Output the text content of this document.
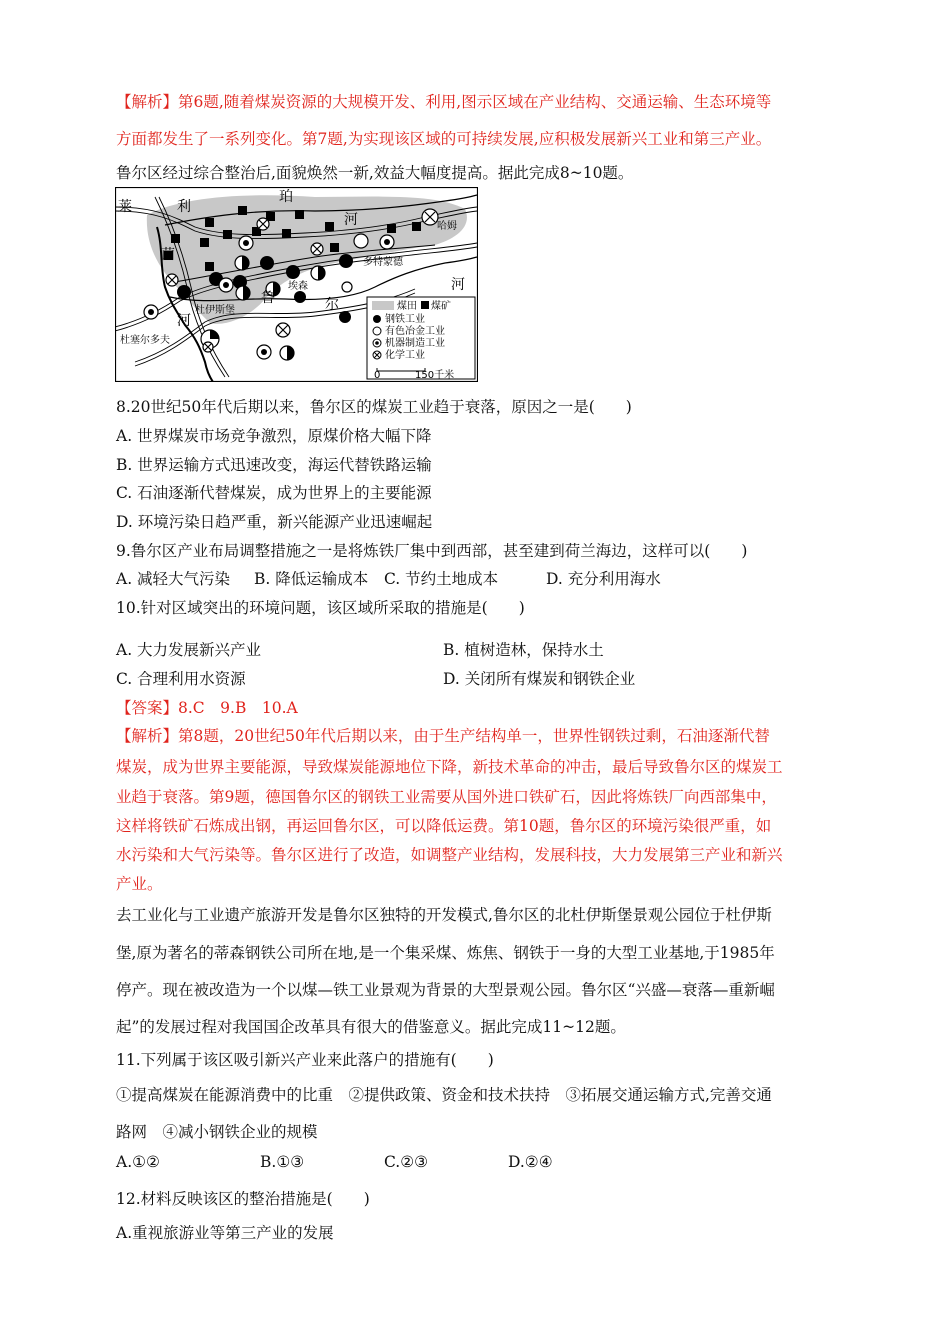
【解析】第6题,随着煤炭资源的大规模开发、利用,图示区域在产业结构、交通运输、生态环境等
方面都发生了一系列变化。第7题,为实现该区域的可持续发展,应积极发展新兴工业和第三产业。
鲁尔区经过综合整治后,面貌焕然一新,效益大幅度提高。据此完成8~10题。
莱	利
珀
河
茵
鲁	尔
河
河
哈姆
多特蒙德
埃森
杜伊斯堡
杜塞尔多夫
煤田 煤矿
钢铁工业
有色冶金工业
机器制造工业
化学工业
0	150千米
8.20世纪50年代后期以来，鲁尔区的煤炭工业趋于衰落，原因之一是(　　)
A. 世界煤炭市场竞争激烈，原煤价格大幅下降
B. 世界运输方式迅速改变，海运代替铁路运输
C. 石油逐渐代替煤炭，成为世界上的主要能源
D. 环境污染日趋严重，新兴能源产业迅速崛起
9.鲁尔区产业布局调整措施之一是将炼铁厂集中到西部，甚至建到荷兰海边，这样可以(　　)
A. 减轻大气污染 B. 降低运输成本 C. 节约土地成本	D. 充分利用海水
10.针对区域突出的环境问题，该区域所采取的措施是(　　)
A. 大力发展新兴产业	B. 植树造林，保持水土
C. 合理利用水资源	D. 关闭所有煤炭和钢铁企业
【答案】8.C　9.B　10.A
【解析】第8题，20世纪50年代后期以来，由于生产结构单一，世界性钢铁过剩，石油逐渐代替
煤炭，成为世界主要能源，导致煤炭能源地位下降，新技术革命的冲击，最后导致鲁尔区的煤炭工
业趋于衰落。第9题，德国鲁尔区的钢铁工业需要从国外进口铁矿石，因此将炼铁厂向西部集中，
这样将铁矿石炼成出钢，再运回鲁尔区，可以降低运费。第10题，鲁尔区的环境污染很严重，如
水污染和大气污染等。鲁尔区进行了改造，如调整产业结构，发展科技，大力发展第三产业和新兴
产业。
去工业化与工业遗产旅游开发是鲁尔区独特的开发模式,鲁尔区的北杜伊斯堡景观公园位于杜伊斯
堡,原为著名的蒂森钢铁公司所在地,是一个集采煤、炼焦、钢铁于一身的大型工业基地,于1985年
停产。现在被改造为一个以煤—铁工业景观为背景的大型景观公园。鲁尔区“兴盛—衰落—重新崛
起”的发展过程对我国国企改革具有很大的借鉴意义。据此完成11~12题。
11.下列属于该区吸引新兴产业来此落户的措施有(　　)
①提高煤炭在能源消费中的比重　②提供政策、资金和技术扶持　③拓展交通运输方式,完善交通
路网　④减小钢铁企业的规模
A.①②	B.①③	C.②③	D.②④
12.材料反映该区的整治措施是(　　)
A.重视旅游业等第三产业的发展
